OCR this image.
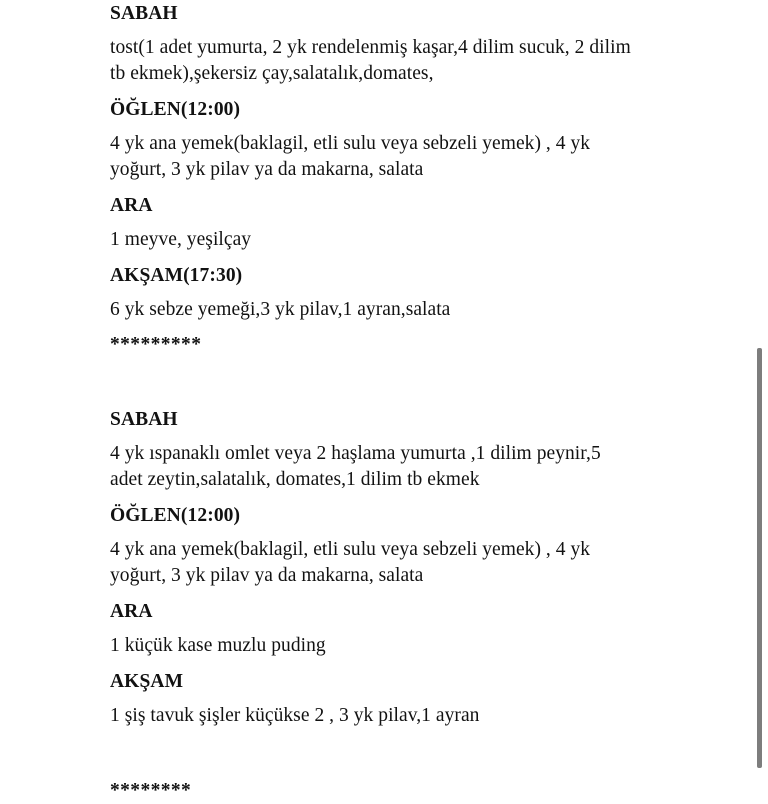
SABAH

tost(1 adet yumurta, 2 yk rendelenmiş kaşar,4 dilim sucuk, 2 dilim tb ekmek),şekersiz çay,salatalık,domates,

ÖĞLEN(12:00)

4 yk ana yemek(baklagil, etli sulu veya sebzeli yemek) , 4 yk yoğurt, 3 yk pilav ya da makarna, salata

ARA

1 meyve, yeşilçay

AKŞAM(17:30)

6 yk sebze yemeği,3 yk pilav,1 ayran,salata

*********

SABAH

4 yk ıspanaklı omlet veya 2 haşlama yumurta ,1 dilim peynir,5 adet zeytin,salatalık, domates,1 dilim tb ekmek

ÖĞLEN(12:00)

4 yk ana yemek(baklagil, etli sulu veya sebzeli yemek) , 4 yk yoğurt, 3 yk pilav ya da makarna, salata

ARA

1 küçük kase muzlu puding

AKŞAM

1 şiş tavuk şişler küçükse 2 , 3 yk pilav,1 ayran

********
